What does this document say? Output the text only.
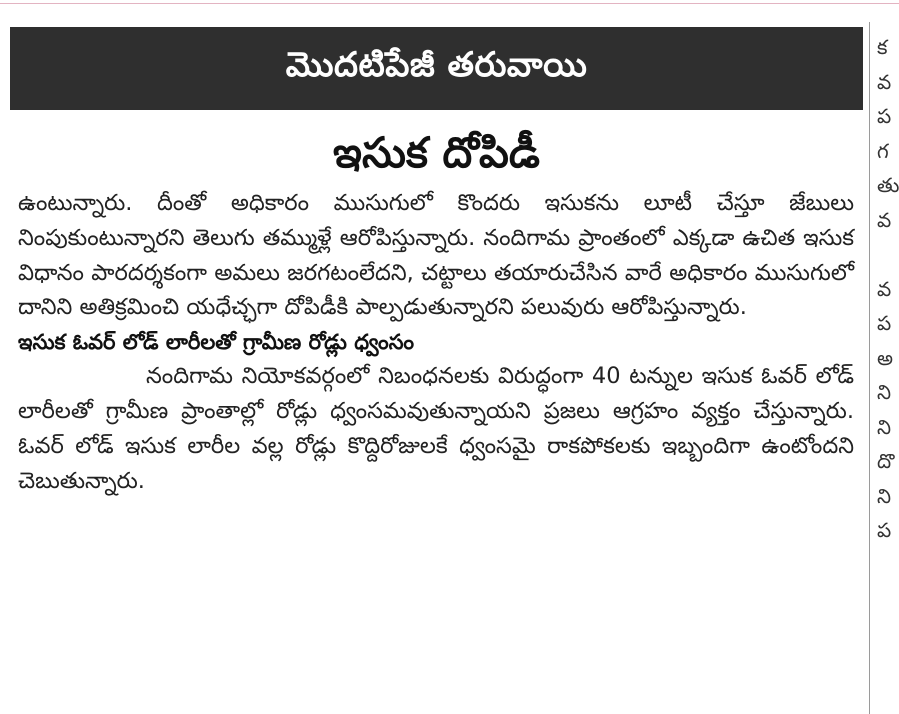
మొదటిపేజీ తరువాయి
ఇసుక దోపిడీ

ఉంటున్నారు. దీంతో అధికారం ముసుగులో కొందరు ఇసుకను లూటీ చేస్తూ జేబులు నింపుకుంటున్నారని తెలుగు తమ్ముళ్లే ఆరోపిస్తున్నారు. నందిగామ ప్రాంతంలో ఎక్కడా ఉచిత ఇసుక విధానం పారదర్శకంగా అమలు జరగటంలేదని, చట్టాలు తయారుచేసిన వారే అధికారం ముసుగులో దానిని అతిక్రమించి యధేచ్ఛగా దోపిడీకి పాల్పడుతున్నారని పలువురు ఆరోపిస్తున్నారు.

ఇసుక ఓవర్ లోడ్ లారీలతో గ్రామీణ రోడ్లు ధ్వంసం

నందిగామ నియోకవర్గంలో నిబంధనలకు విరుద్ధంగా 40 టన్నుల ఇసుక ఓవర్ లోడ్ లారీలతో గ్రామీణ ప్రాంతాల్లో రోడ్లు ధ్వంసమవుతున్నాయని ప్రజలు ఆగ్రహం వ్యక్తం చేస్తున్నారు. ఓవర్ లోడ్ ఇసుక లారీల వల్ల రోడ్లు కొద్దిరోజులకే ధ్వంసమై రాకపోకలకు ఇబ్బందిగా ఉంటోందని చెబుతున్నారు.

క
వ
ప
గ
తు
వ

వ
ప
అ
ని
ని
దొ
ని
ప
